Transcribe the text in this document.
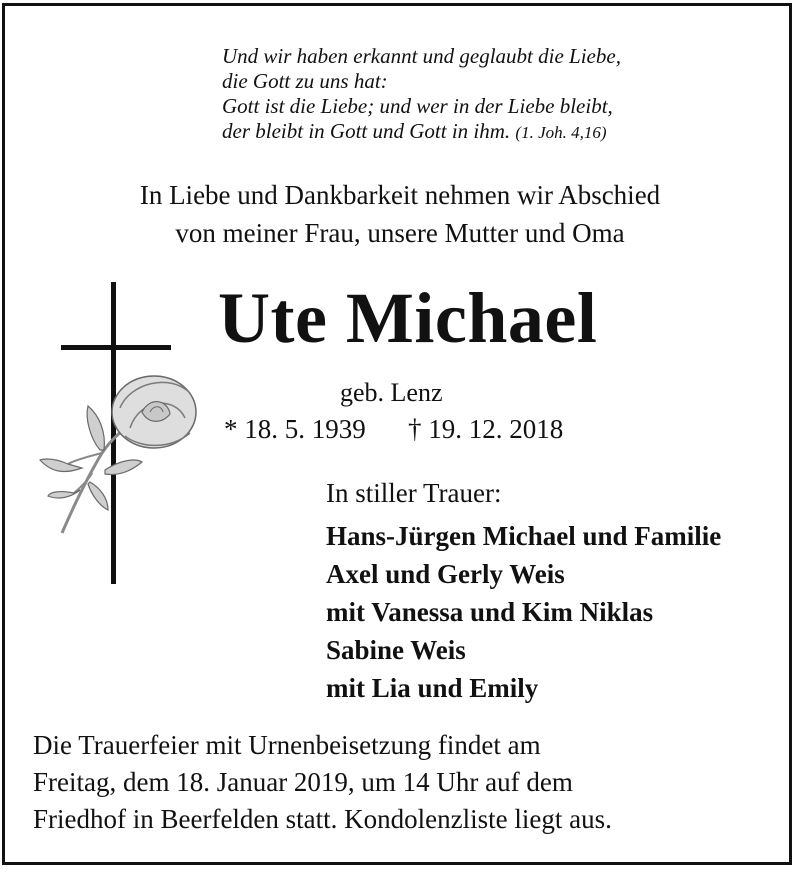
Und wir haben erkannt und geglaubt die Liebe,
die Gott zu uns hat:
Gott ist die Liebe; und wer in der Liebe bleibt,
der bleibt in Gott und Gott in ihm. (1. Joh. 4,16)
In Liebe und Dankbarkeit nehmen wir Abschied
von meiner Frau, unsere Mutter und Oma
Ute Michael
geb. Lenz
* 18. 5. 1939 † 19. 12. 2018
In stiller Trauer:
Hans-Jürgen Michael und Familie
Axel und Gerly Weis
mit Vanessa und Kim Niklas
Sabine Weis
mit Lia und Emily
Die Trauerfeier mit Urnenbeisetzung findet am
Freitag, dem 18. Januar 2019, um 14 Uhr auf dem
Friedhof in Beerfelden statt. Kondolenzliste liegt aus.
